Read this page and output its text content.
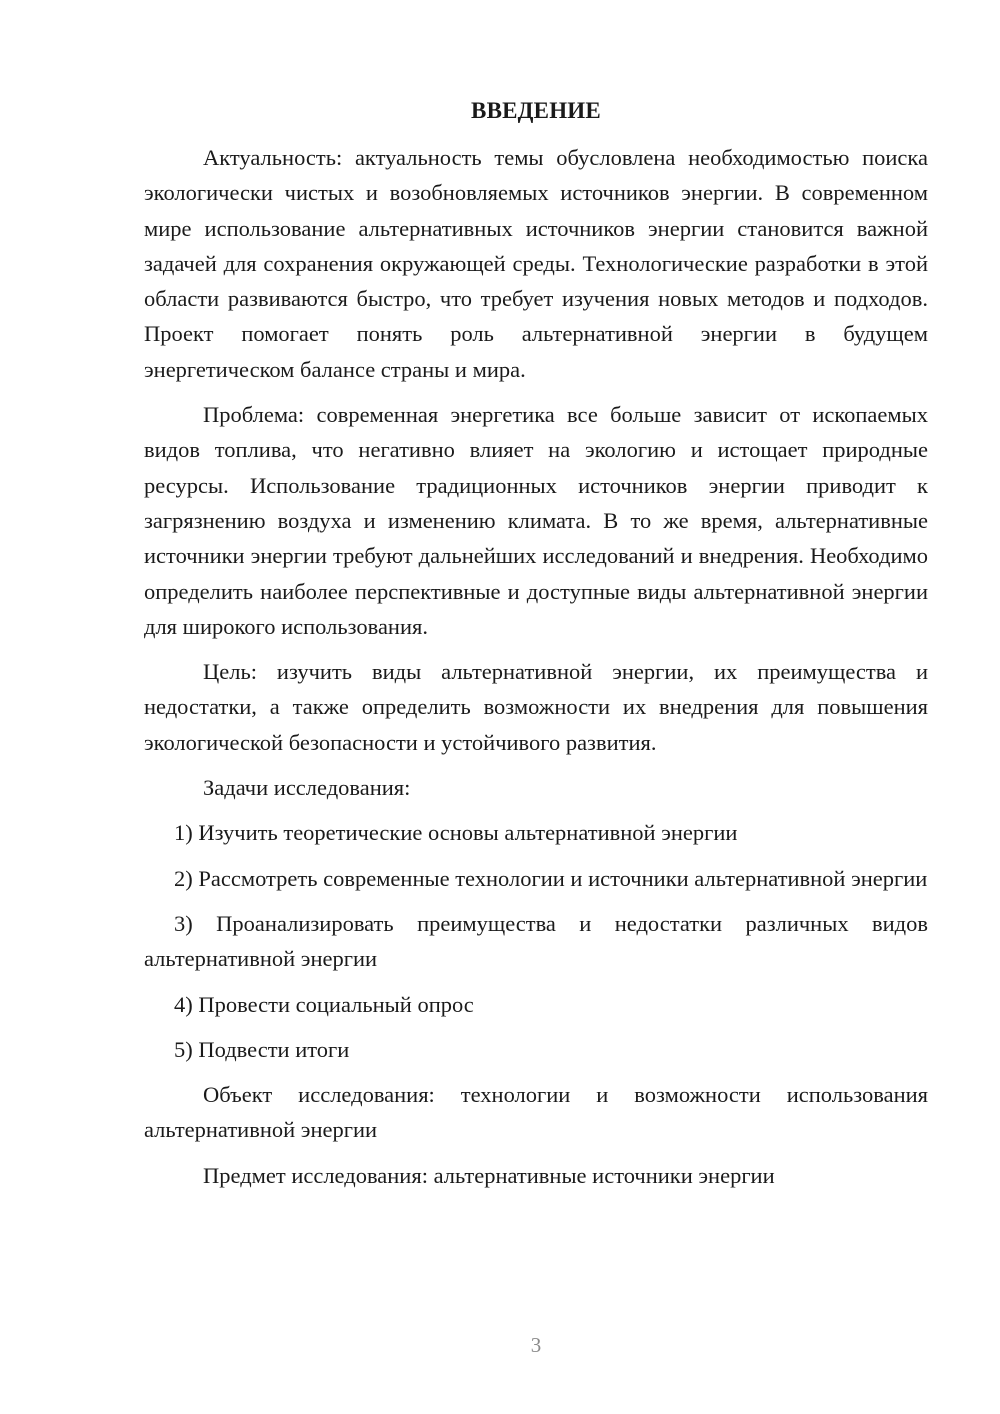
ВВЕДЕНИЕ

Актуальность: актуальность темы обусловлена необходимостью поиска экологически чистых и возобновляемых источников энергии. В современном мире использование альтернативных источников энергии становится важной задачей для сохранения окружающей среды. Технологические разработки в этой области развиваются быстро, что требует изучения новых методов и подходов. Проект помогает понять роль альтернативной энергии в будущем энергетическом балансе страны и мира.

Проблема: современная энергетика все больше зависит от ископаемых видов топлива, что негативно влияет на экологию и истощает природные ресурсы. Использование традиционных источников энергии приводит к загрязнению воздуха и изменению климата. В то же время, альтернативные источники энергии требуют дальнейших исследований и внедрения. Необходимо определить наиболее перспективные и доступные виды альтернативной энергии для широкого использования.

Цель: изучить виды альтернативной энергии, их преимущества и недостатки, а также определить возможности их внедрения для повышения экологической безопасности и устойчивого развития.

Задачи исследования:

1) Изучить теоретические основы альтернативной энергии

2) Рассмотреть современные технологии и источники альтернативной энергии

3) Проанализировать преимущества и недостатки различных видов альтернативной энергии

4) Провести социальный опрос

5) Подвести итоги

Объект исследования: технологии и возможности использования альтернативной энергии

Предмет исследования: альтернативные источники энергии

3
